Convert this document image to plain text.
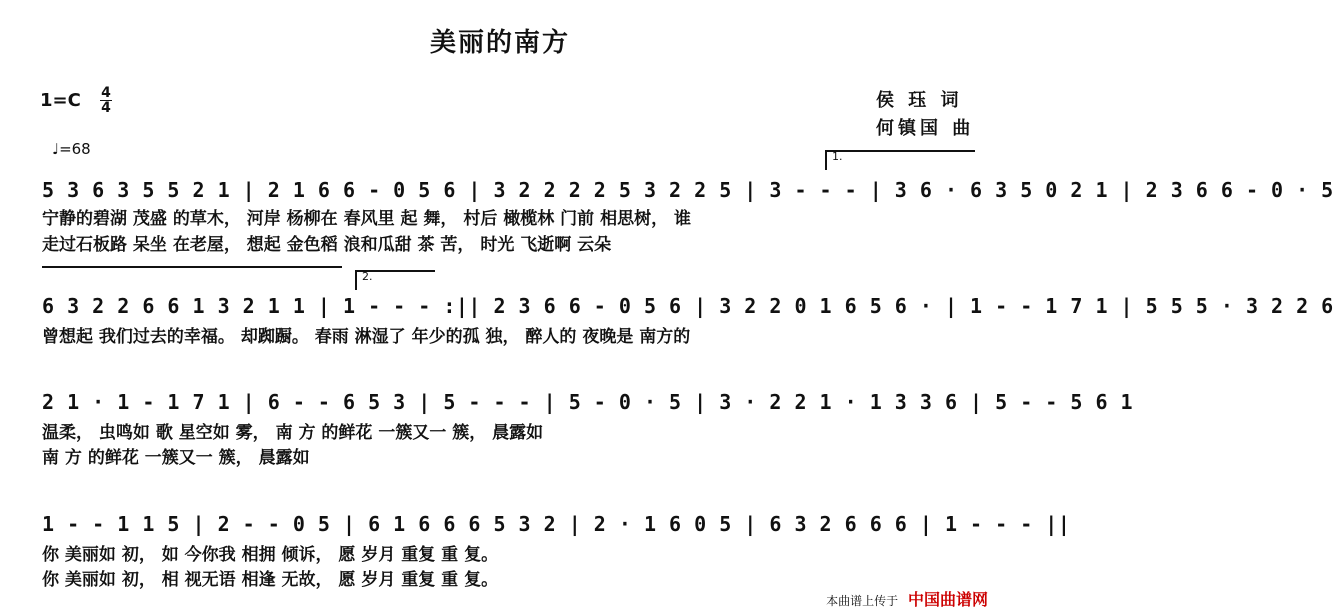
美丽的南方
1=C 4
4
♩=68
侯 珏 词
何镇国 曲
1.
5 3 6 3 5 5 2 1 | 2 1 6 6 - 0 5 6 | 3 2 2 2 2 5 3 2 2 5 | 3 - - - | 3 6 · 6 3 5 0 2 1 | 2 3 6 6 - 0 · 5
宁静的碧湖 茂盛 的草木， 河岸 杨柳在 春风里 起 舞， 村后 橄榄林 门前 相思树， 谁
走过石板路 呆坐 在老屋， 想起 金色稻 浪和瓜甜 茶 苦， 时光 飞逝啊 云朵
2.
6 3 2 2 6 6 1 3 2 1 1 | 1 - - - :|| 2 3 6 6 - 0 5 6 | 3 2 2 0 1 6 5 6 · | 1 - - 1 7 1 | 5 5 5 · 3 2 2 6
曾想起 我们过去的幸福。 却踟蹰。 春雨 淋湿了 年少的孤 独， 醉人的 夜晚是 南方的
2 1 · 1 - 1 7 1 | 6 - - 6 5 3 | 5 - - - | 5 - 0 · 5 | 3 · 2 2 1 · 1 3 3 6 | 5 - - 5 6 1
温柔， 虫鸣如 歌 星空如 雾， 南 方 的鲜花 一簇又一 簇， 晨露如
南 方 的鲜花 一簇又一 簇， 晨露如
1 - - 1 1 5 | 2 - - 0 5 | 6 1 6 6 6 5 3 2 | 2 · 1 6 0 5 | 6 3 2 6 6 6 | 1 - - - ||
你 美丽如 初， 如 今你我 相拥 倾诉， 愿 岁月 重复 重 复。
你 美丽如 初， 相 视无语 相逢 无故， 愿 岁月 重复 重 复。
本曲谱上传于 中国曲谱网
